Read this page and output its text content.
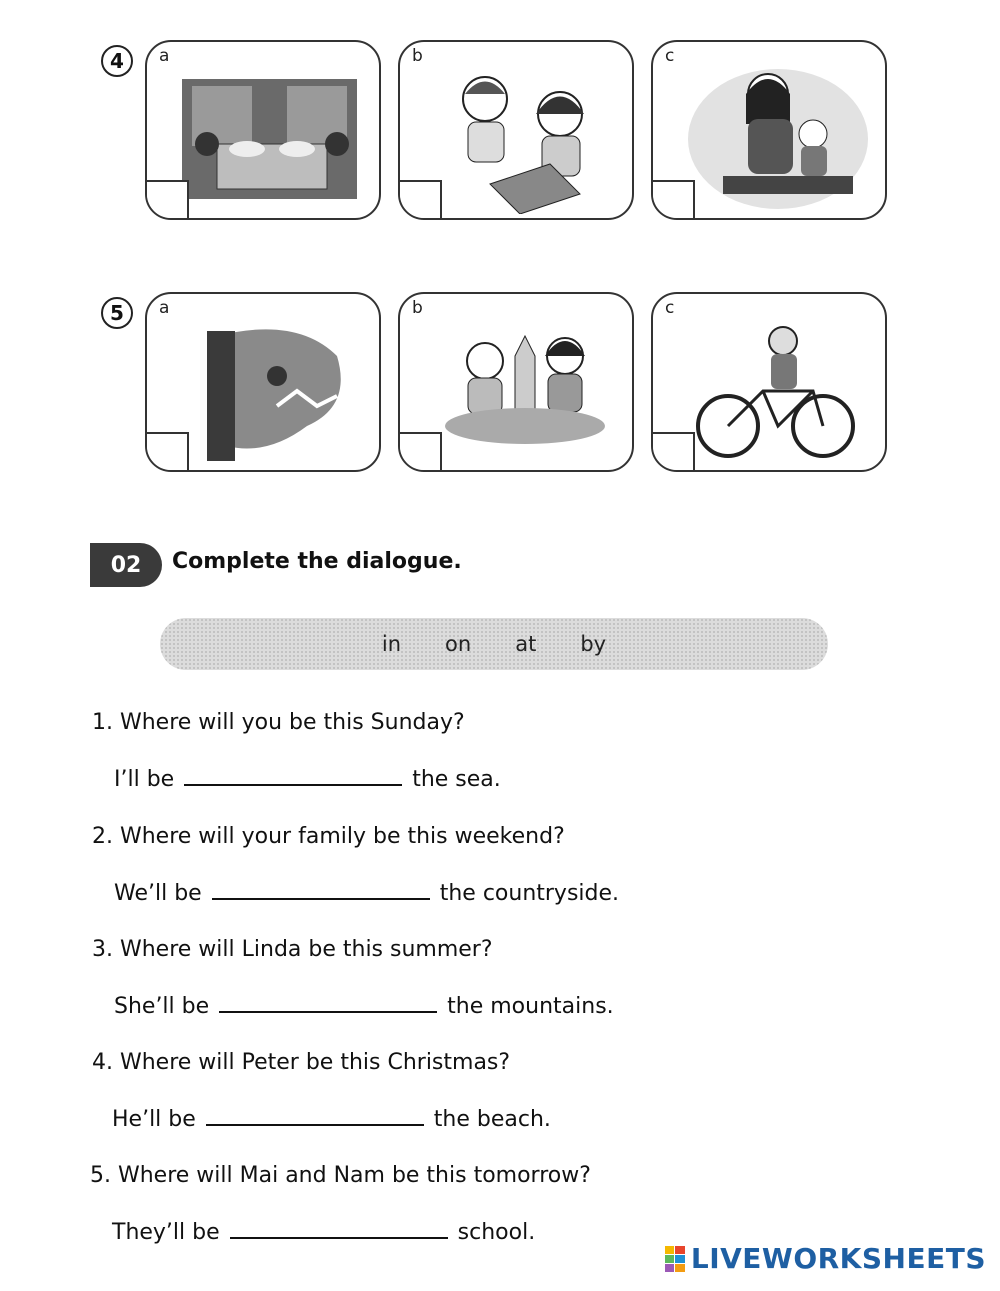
4	a	b	c
5	a	b	c
02	Complete the dialogue.
in on at by
1. Where will you be this Sunday?
I’ll be	the sea.
2. Where will your family be this weekend?
We’ll be	the countryside.
3. Where will Linda be this summer?
She’ll be	the mountains.
4. Where will Peter be this Christmas?
He’ll be	the beach.
5. Where will Mai and Nam be this tomorrow?
They’ll be	school.
LIVEWORKSHEETS
